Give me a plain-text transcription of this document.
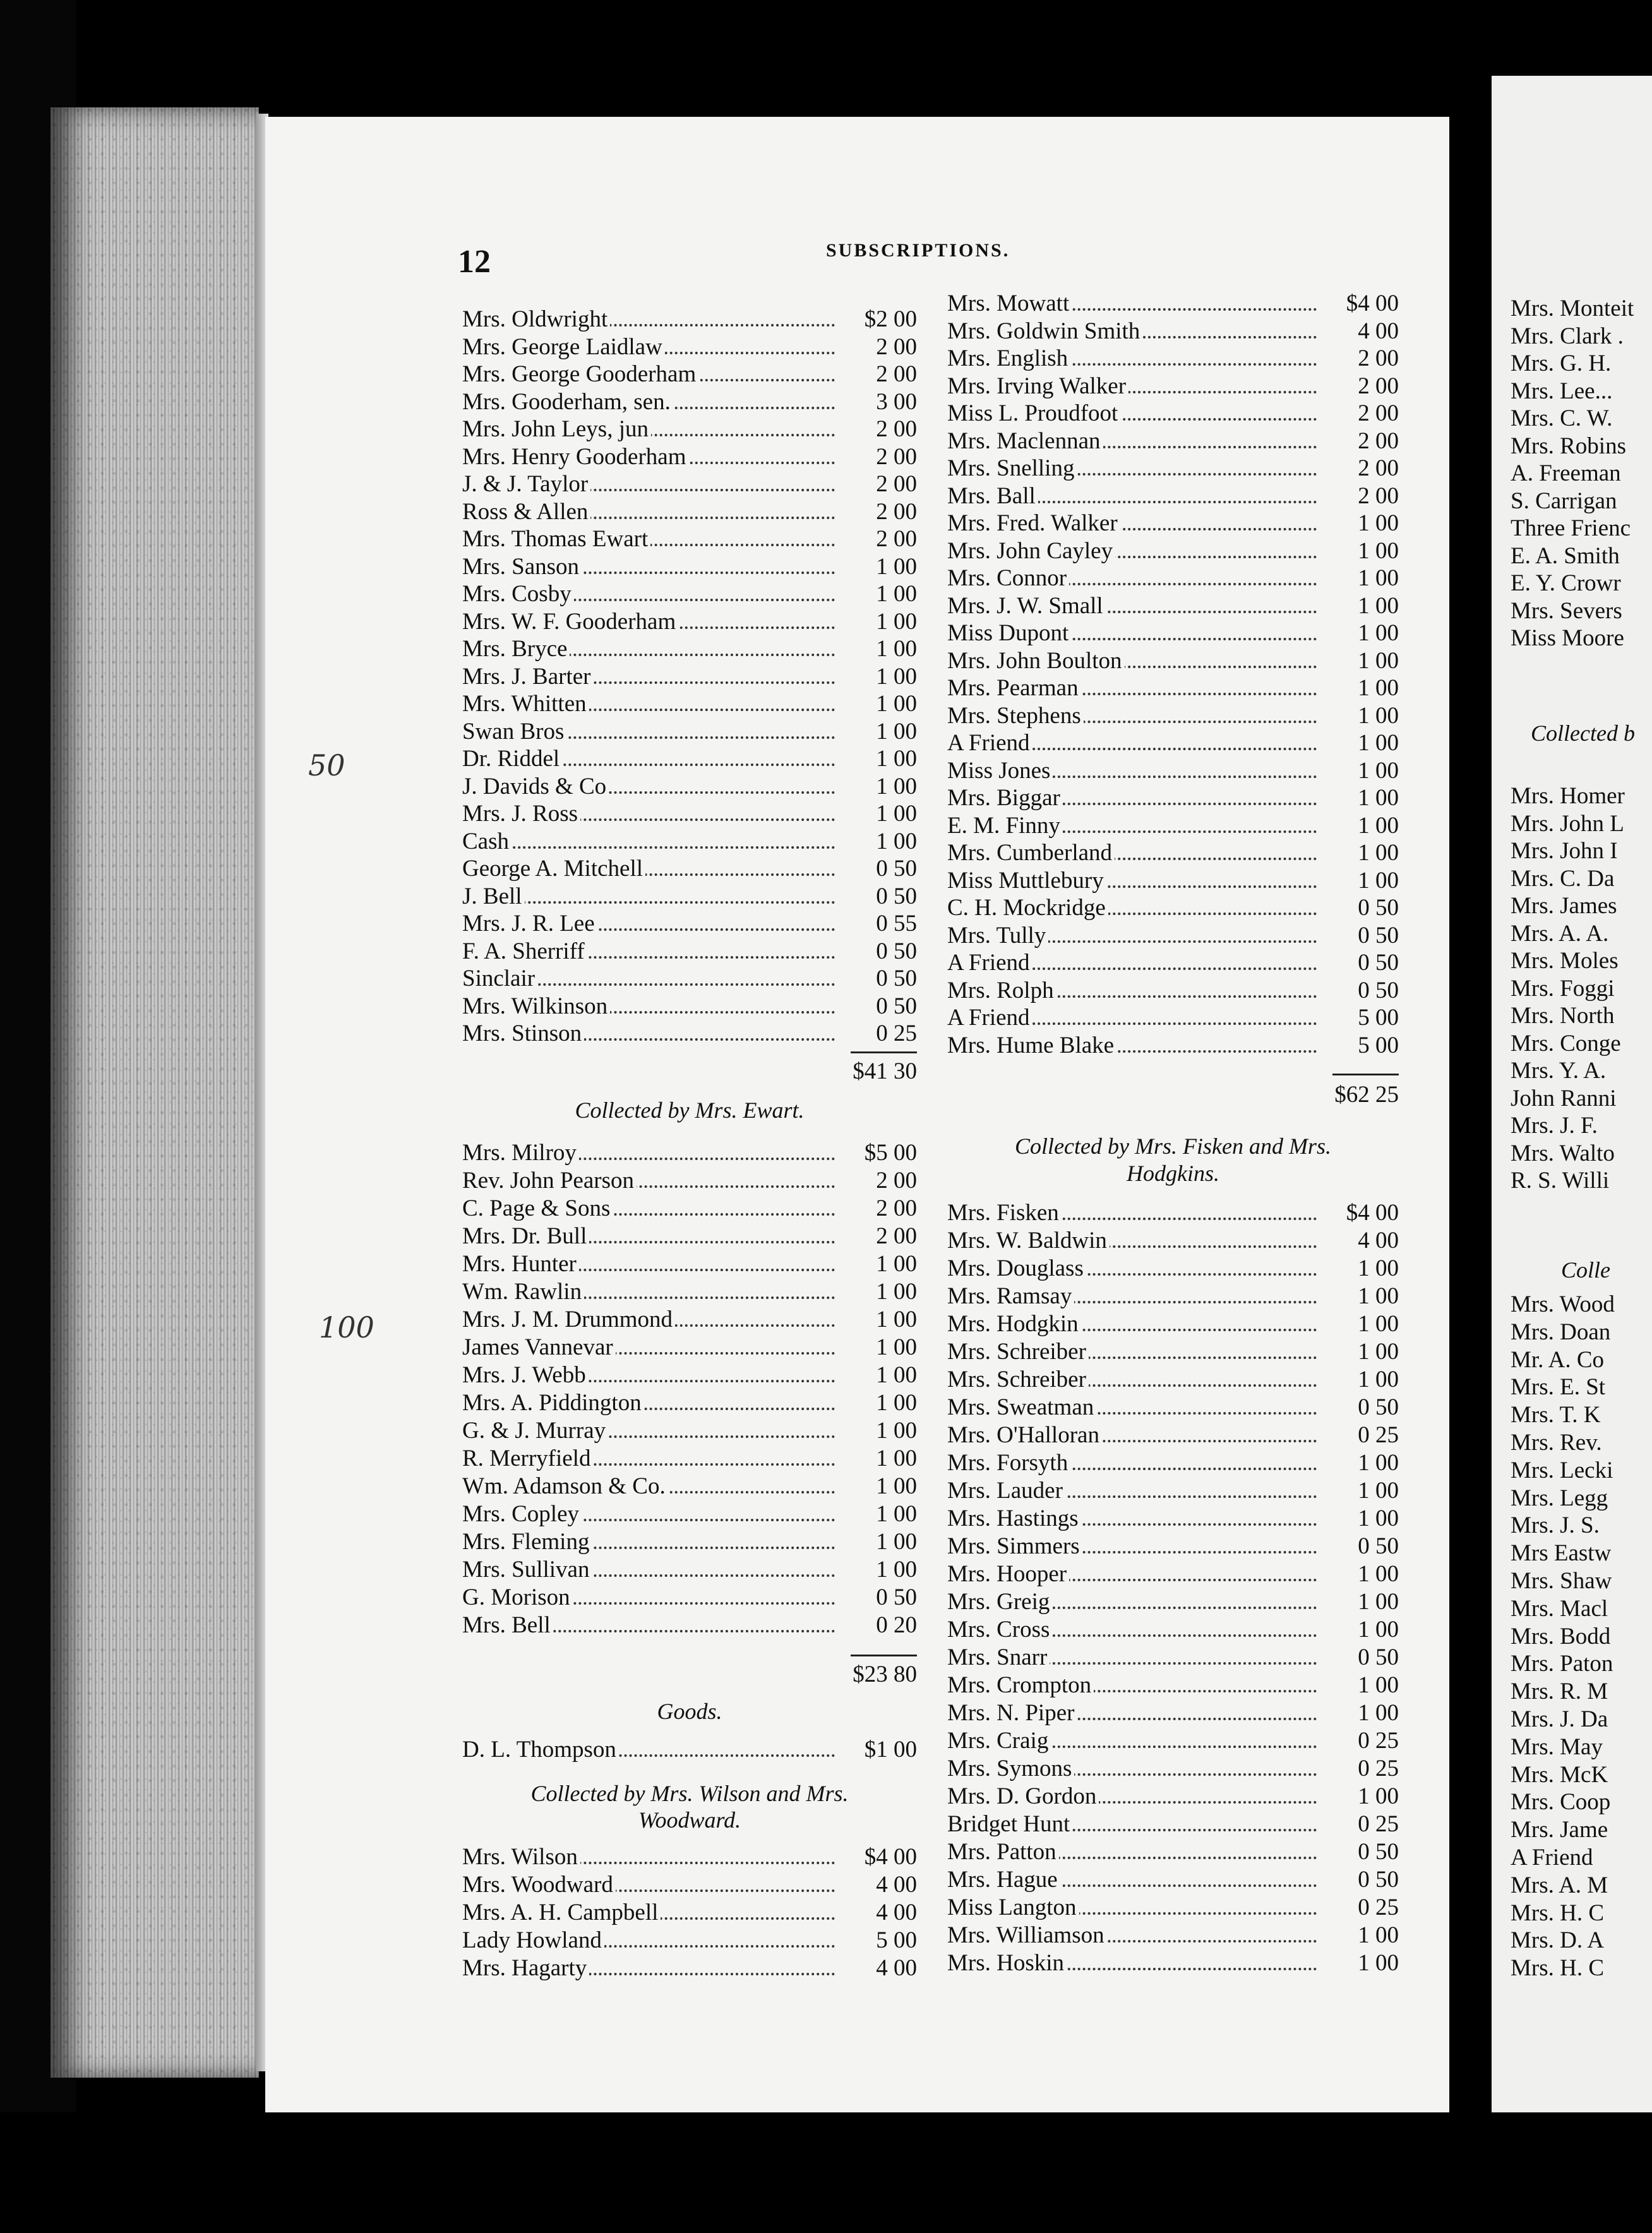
50
100
12	SUBSCRIPTIONS.
Mrs. Oldwright	$2 00
Mrs. George Laidlaw	2 00
Mrs. George Gooderham	2 00
Mrs. Gooderham, sen.	3 00
Mrs. John Leys, jun	2 00
Mrs. Henry Gooderham	2 00
J. & J. Taylor	2 00
Ross & Allen	2 00
Mrs. Thomas Ewart	2 00
Mrs. Sanson	1 00
Mrs. Cosby	1 00
Mrs. W. F. Gooderham	1 00
Mrs. Bryce	1 00
Mrs. J. Barter	1 00
Mrs. Whitten	1 00
Swan Bros	1 00
Dr. Riddel	1 00
J. Davids & Co	1 00
Mrs. J. Ross	1 00
Cash	1 00
George A. Mitchell	0 50
J. Bell	0 50
Mrs. J. R. Lee	0 55
F. A. Sherriff	0 50
Sinclair	0 50
Mrs. Wilkinson	0 50
Mrs. Stinson	0 25
$41 30
Collected by Mrs. Ewart.
Mrs. Milroy	$5 00
Rev. John Pearson	2 00
C. Page & Sons	2 00
Mrs. Dr. Bull	2 00
Mrs. Hunter	1 00
Wm. Rawlin	1 00
Mrs. J. M. Drummond	1 00
James Vannevar	1 00
Mrs. J. Webb	1 00
Mrs. A. Piddington	1 00
G. & J. Murray	1 00
R. Merryfield	1 00
Wm. Adamson & Co.	1 00
Mrs. Copley	1 00
Mrs. Fleming	1 00
Mrs. Sullivan	1 00
G. Morison	0 50
Mrs. Bell	0 20
$23 80
Goods.
D. L. Thompson	$1 00
Collected by Mrs. Wilson and Mrs.
Woodward.
Mrs. Wilson	$4 00
Mrs. Woodward	4 00
Mrs. A. H. Campbell	4 00
Lady Howland	5 00
Mrs. Hagarty	4 00
Mrs. Mowatt	$4 00
Mrs. Goldwin Smith	4 00
Mrs. English	2 00
Mrs. Irving Walker	2 00
Miss L. Proudfoot	2 00
Mrs. Maclennan	2 00
Mrs. Snelling	2 00
Mrs. Ball	2 00
Mrs. Fred. Walker	1 00
Mrs. John Cayley	1 00
Mrs. Connor	1 00
Mrs. J. W. Small	1 00
Miss Dupont	1 00
Mrs. John Boulton	1 00
Mrs. Pearman	1 00
Mrs. Stephens	1 00
A Friend	1 00
Miss Jones	1 00
Mrs. Biggar	1 00
E. M. Finny	1 00
Mrs. Cumberland	1 00
Miss Muttlebury	1 00
C. H. Mockridge	0 50
Mrs. Tully	0 50
A Friend	0 50
Mrs. Rolph	0 50
A Friend	5 00
Mrs. Hume Blake	5 00
$62 25
Collected by Mrs. Fisken and Mrs.
Hodgkins.
Mrs. Fisken	$4 00
Mrs. W. Baldwin	4 00
Mrs. Douglass	1 00
Mrs. Ramsay	1 00
Mrs. Hodgkin	1 00
Mrs. Schreiber	1 00
Mrs. Schreiber	1 00
Mrs. Sweatman	0 50
Mrs. O'Halloran	0 25
Mrs. Forsyth	1 00
Mrs. Lauder	1 00
Mrs. Hastings	1 00
Mrs. Simmers	0 50
Mrs. Hooper	1 00
Mrs. Greig	1 00
Mrs. Cross	1 00
Mrs. Snarr	0 50
Mrs. Crompton	1 00
Mrs. N. Piper	1 00
Mrs. Craig	0 25
Mrs. Symons	0 25
Mrs. D. Gordon	1 00
Bridget Hunt	0 25
Mrs. Patton	0 50
Mrs. Hague	0 50
Miss Langton	0 25
Mrs. Williamson	1 00
Mrs. Hoskin	1 00
Mrs. Monteit
Mrs. Clark .
Mrs. G. H.
Mrs. Lee...
Mrs. C. W.
Mrs. Robins
A. Freeman
S. Carrigan
Three Frienc
E. A. Smith
E. Y. Crowr
Mrs. Severs
Miss Moore
Collected b
Mrs. Homer
Mrs. John L
Mrs. John I
Mrs. C. Da
Mrs. James
Mrs. A. A.
Mrs. Moles
Mrs. Foggi
Mrs. North
Mrs. Conge
Mrs. Y. A.
John Ranni
Mrs. J. F.
Mrs. Walto
R. S. Willi
Colle
Mrs. Wood
Mrs. Doan
Mr. A. Co
Mrs. E. St
Mrs. T. K
Mrs. Rev.
Mrs. Lecki
Mrs. Legg
Mrs. J. S.
Mrs Eastw
Mrs. Shaw
Mrs. Macl
Mrs. Bodd
Mrs. Paton
Mrs. R. M
Mrs. J. Da
Mrs. May
Mrs. McK
Mrs. Coop
Mrs. Jame
A Friend
Mrs. A. M
Mrs. H. C
Mrs. D. A
Mrs. H. C
